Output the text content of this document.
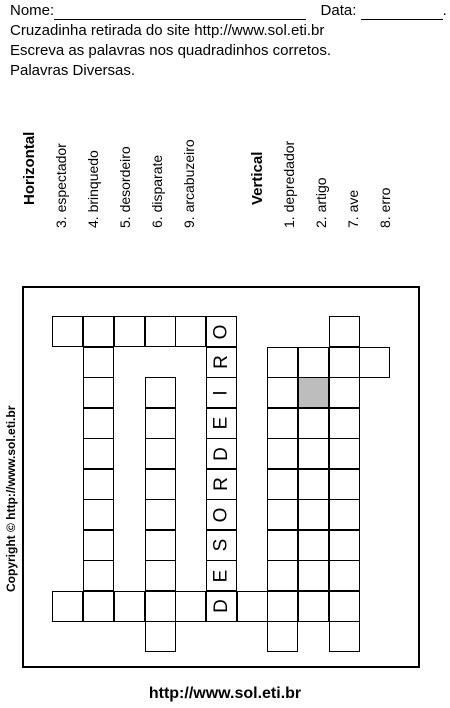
Nome:	Data:	.
Cruzadinha retirada do site http://www.sol.eti.br
Escreva as palavras nos quadradinhos corretos.
Palavras Diversas.
Horizontal 3. espectador 4. brinquedo 5. desordeiro 6. disparate 9. arcabuzeiro	Vertical 1. depredador 2. artigo 7. ave 8. erro
O
D
R
I
E
D
R
O
S
E
Copyright © http://www.sol.eti.br
http://www.sol.eti.br
